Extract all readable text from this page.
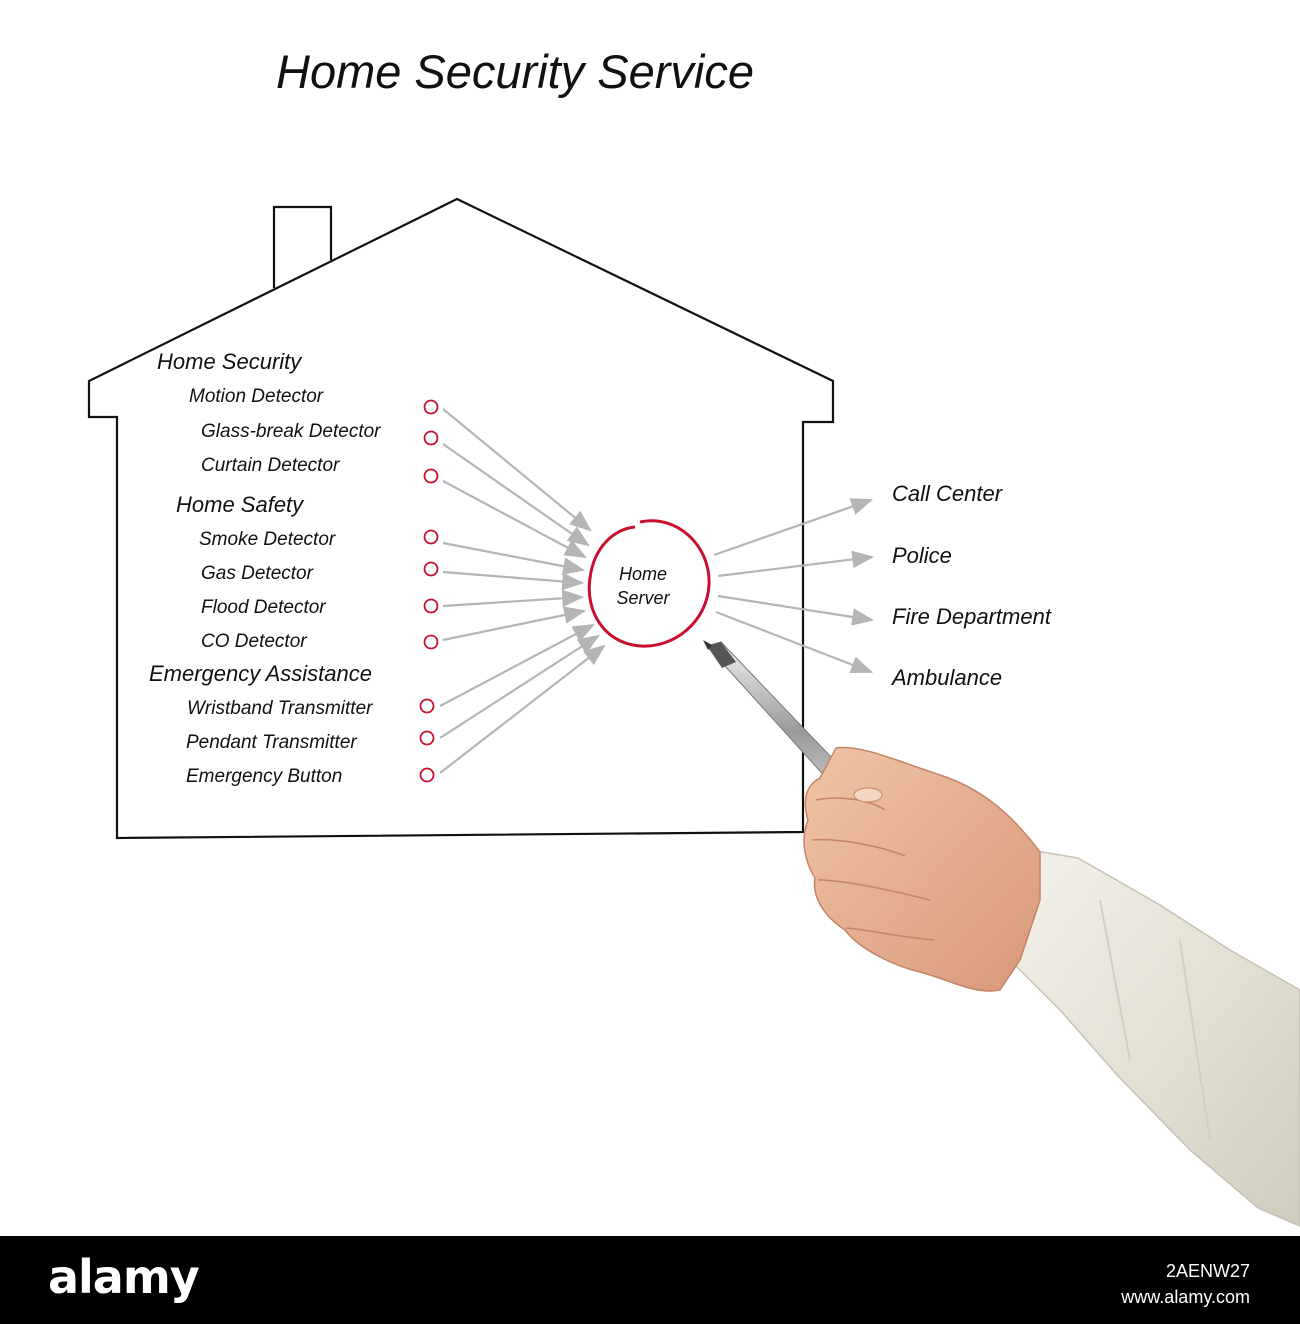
Home Security Service
Home Security
Home Safety
Emergency Assistance
Motion Detector
Glass-break Detector
Curtain Detector
Smoke Detector
Gas Detector
Flood Detector
CO Detector
Wristband Transmitter
Pendant Transmitter
Emergency Button
Home
Server
Call Center
Police
Fire Department
Ambulance
alamy	2AENW27
www.alamy.com
